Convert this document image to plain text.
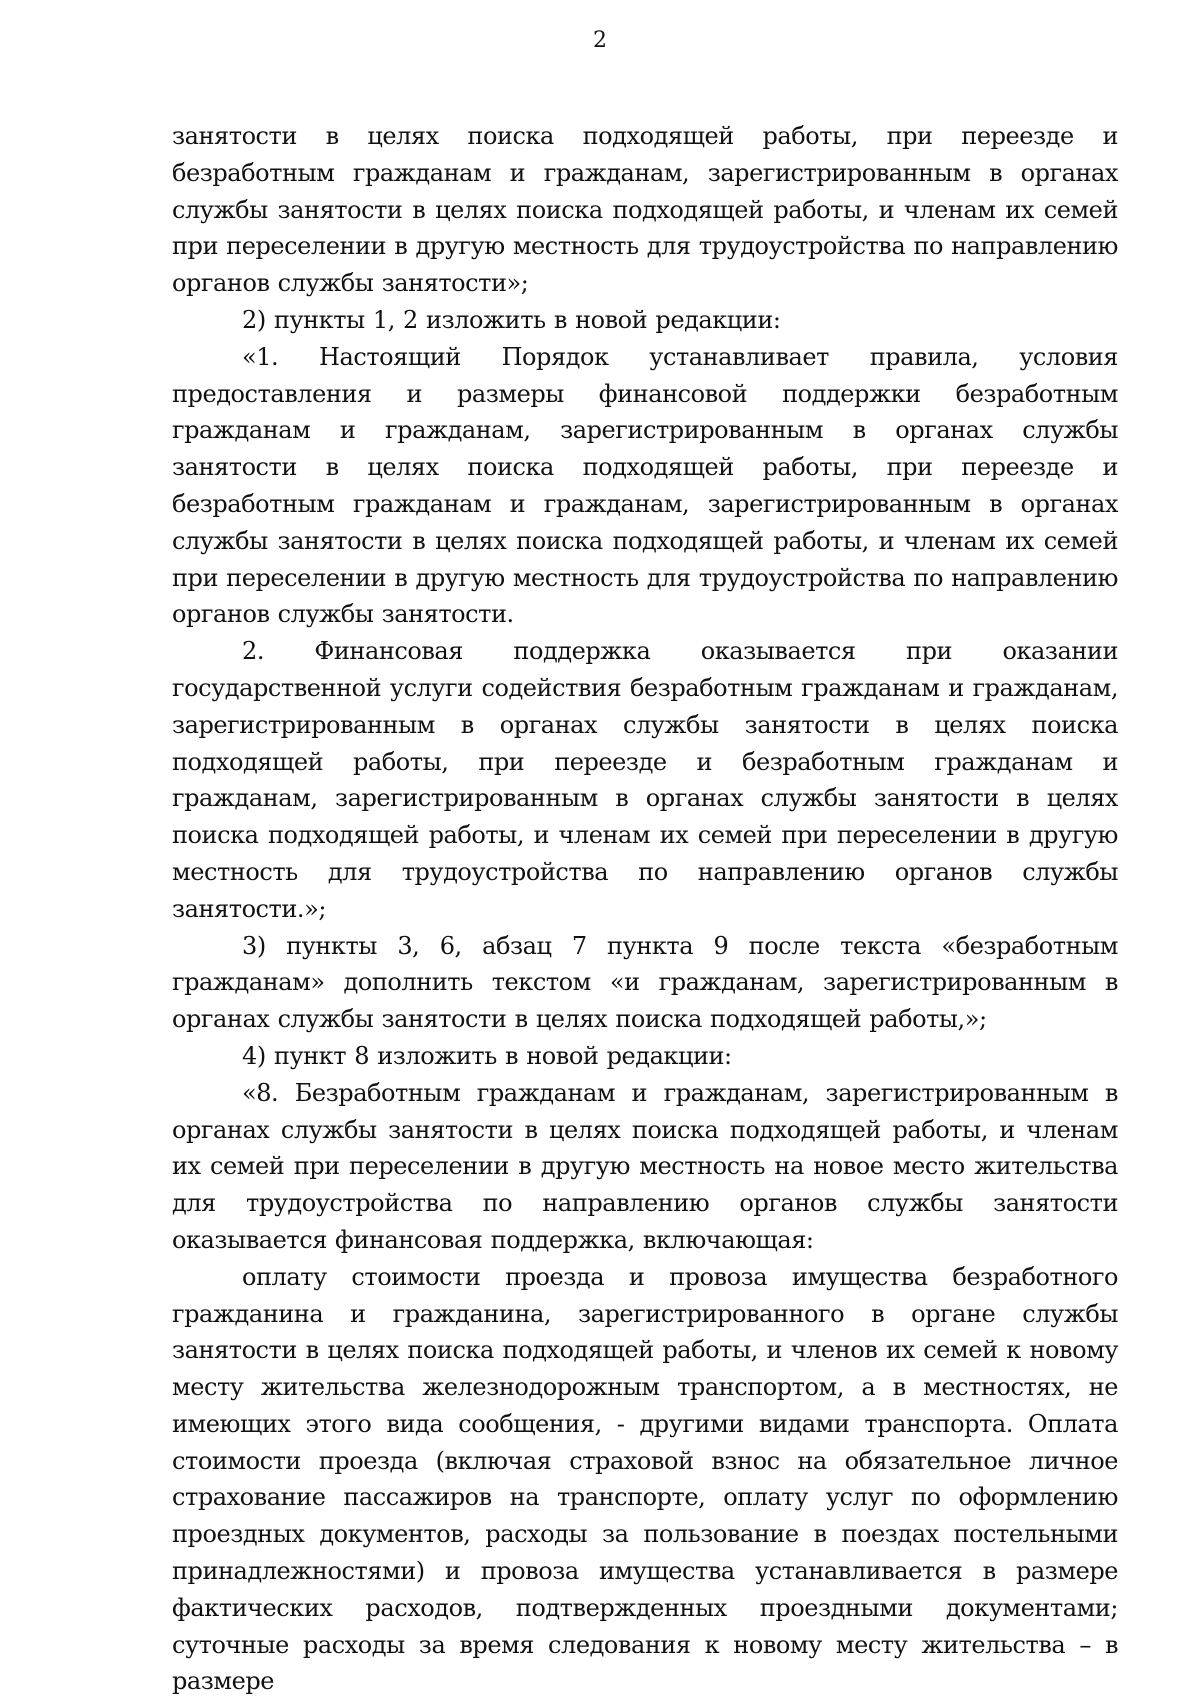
2

занятости в целях поиска подходящей работы, при переезде и безработным гражданам и гражданам, зарегистрированным в органах службы занятости в целях поиска подходящей работы, и членам их семей при переселении в другую местность для трудоустройства по направлению органов службы занятости»;

2) пункты 1, 2 изложить в новой редакции:

«1. Настоящий Порядок устанавливает правила, условия предоставления и размеры финансовой поддержки безработным гражданам и гражданам, зарегистрированным в органах службы занятости в целях поиска подходящей работы, при переезде и безработным гражданам и гражданам, зарегистрированным в органах службы занятости в целях поиска подходящей работы, и членам их семей при переселении в другую местность для трудоустройства по направлению органов службы занятости.

2. Финансовая поддержка оказывается при оказании государственной услуги содействия безработным гражданам и гражданам, зарегистрированным в органах службы занятости в целях поиска подходящей работы, при переезде и безработным гражданам и гражданам, зарегистрированным в органах службы занятости в целях поиска подходящей работы, и членам их семей при переселении в другую местность для трудоустройства по направлению органов службы занятости.»;

3) пункты 3, 6, абзац 7 пункта 9 после текста «безработным гражданам» дополнить текстом «и гражданам, зарегистрированным в органах службы занятости в целях поиска подходящей работы,»;

4) пункт 8 изложить в новой редакции:

«8. Безработным гражданам и гражданам, зарегистрированным в органах службы занятости в целях поиска подходящей работы, и членам их семей при переселении в другую местность на новое место жительства для трудоустройства по направлению органов службы занятости оказывается финансовая поддержка, включающая:

оплату стоимости проезда и провоза имущества безработного гражданина и гражданина, зарегистрированного в органе службы занятости в целях поиска подходящей работы, и членов их семей к новому месту жительства железнодорожным транспортом, а в местностях, не имеющих этого вида сообщения, - другими видами транспорта. Оплата стоимости проезда (включая страховой взнос на обязательное личное страхование пассажиров на транспорте, оплату услуг по оформлению проездных документов, расходы за пользование в поездах постельными принадлежностями) и провоза имущества устанавливается в размере фактических расходов, подтвержденных проездными документами; суточные расходы за время следования к новому месту жительства – в размере
